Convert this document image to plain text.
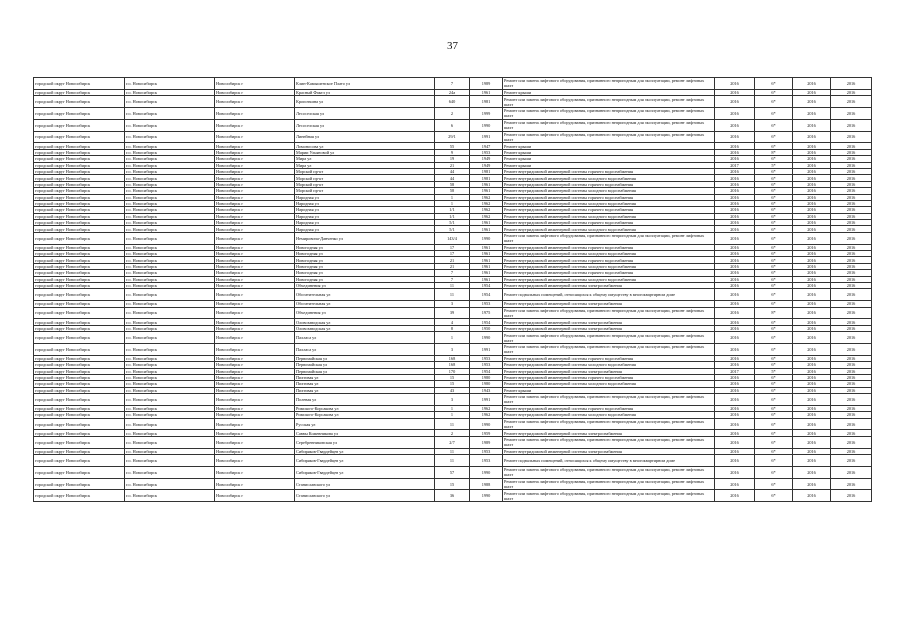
37
городской округ Новосибирск	г.о. Новосибирск	Новосибирск г	Клин-Камышенское Плато ул	7	1989	Ремонт или замена лифтового оборудования, признанного непригодным для эксплуатации, ремонт лифтовых шахт	2016	6*	2016	2016
городской округ Новосибирск	г.о. Новосибирск	Новосибирск г	Красный Факел ул	24а	1961	Ремонт крыши	2016	6*	2016	2016
городской округ Новосибирск	г.о. Новосибирск	Новосибирск г	Кропоткина ул	640	1981	Ремонт или замена лифтового оборудования, признанного непригодным для эксплуатации, ремонт лифтовых шахт	2016	6*	2016	2016
городской округ Новосибирск	г.о. Новосибирск	Новосибирск г	Лесоселская ул	2	1999	Ремонт или замена лифтового оборудования, признанного непригодным для эксплуатации, ремонт лифтовых шахт	2016	6*	2016	2016
городской округ Новосибирск	г.о. Новосибирск	Новосибирск г	Лесоселская ул	6	1990	Ремонт или замена лифтового оборудования, признанного непригодным для эксплуатации, ремонт лифтовых шахт	2016	6*	2016	2016
городской округ Новосибирск	г.о. Новосибирск	Новосибирск г	Линейная ул	29/1	1991	Ремонт или замена лифтового оборудования, признанного непригодным для эксплуатации, ремонт лифтовых шахт	2016	6*	2016	2016
городской округ Новосибирск	г.о. Новосибирск	Новосибирск г	Ломоносова ул	55	1947	Ремонт крыши	2016	6*	2016	2016
городской округ Новосибирск	г.о. Новосибирск	Новосибирск г	Марии Ульяновой ул	9	1953	Ремонт крыши	2016	8*	2016	2016
городской округ Новосибирск	г.о. Новосибирск	Новосибирск г	Мира ул	19	1949	Ремонт крыши	2016	6*	2016	2016
городской округ Новосибирск	г.о. Новосибирск	Новосибирск г	Мира ул	21	1949	Ремонт крыши	2017	5*	2016	2016
городской округ Новосибирск	г.о. Новосибирск	Новосибирск г	Морской пр-кт	44	1981	Ремонт внутридомовой инженерной системы горячего водоснабжения	2016	6*	2016	2016
городской округ Новосибирск	г.о. Новосибирск	Новосибирск г	Морской пр-кт	44	1981	Ремонт внутридомовой инженерной системы холодного водоснабжения	2016	6*	2016	2016
городской округ Новосибирск	г.о. Новосибирск	Новосибирск г	Морской пр-кт	58	1961	Ремонт внутридомовой инженерной системы горячего водоснабжения	2016	6*	2016	2016
городской округ Новосибирск	г.о. Новосибирск	Новосибирск г	Морской пр-кт	58	1961	Ремонт внутридомовой инженерной системы холодного водоснабжения	2016	6*	2016	2016
городской округ Новосибирск	г.о. Новосибирск	Новосибирск г	Народная ул	1	1962	Ремонт внутридомовой инженерной системы горячего водоснабжения	2016	6*	2016	2016
городской округ Новосибирск	г.о. Новосибирск	Новосибирск г	Народная ул	1	1962	Ремонт внутридомовой инженерной системы холодного водоснабжения	2016	6*	2016	2016
городской округ Новосибирск	г.о. Новосибирск	Новосибирск г	Народная ул	1/1	1962	Ремонт внутридомовой инженерной системы горячего водоснабжения	2016	6*	2016	2016
городской округ Новосибирск	г.о. Новосибирск	Новосибирск г	Народная ул	1/1	1962	Ремонт внутридомовой инженерной системы холодного водоснабжения	2016	6*	2016	2016
городской округ Новосибирск	г.о. Новосибирск	Новосибирск г	Народная ул	5/1	1961	Ремонт внутридомовой инженерной системы горячего водоснабжения	2016	6*	2016	2016
городской округ Новосибирск	г.о. Новосибирск	Новосибирск г	Народная ул	5/1	1961	Ремонт внутридомовой инженерной системы холодного водоснабжения	2016	6*	2016	2016
городской округ Новосибирск	г.о. Новосибирск	Новосибирск г	Немировича-Данченко ул	143/4	1990	Ремонт или замена лифтового оборудования, признанного непригодным для эксплуатации, ремонт лифтовых шахт	2016	6*	2016	2016
городской округ Новосибирск	г.о. Новосибирск	Новосибирск г	Новогодняя ул	17	1961	Ремонт внутридомовой инженерной системы горячего водоснабжения	2016	6*	2016	2016
городской округ Новосибирск	г.о. Новосибирск	Новосибирск г	Новогодняя ул	17	1961	Ремонт внутридомовой инженерной системы холодного водоснабжения	2016	6*	2016	2016
городской округ Новосибирск	г.о. Новосибирск	Новосибирск г	Новогодняя ул	21	1961	Ремонт внутридомовой инженерной системы горячего водоснабжения	2016	6*	2016	2016
городской округ Новосибирск	г.о. Новосибирск	Новосибирск г	Новогодняя ул	21	1961	Ремонт внутридомовой инженерной системы холодного водоснабжения	2016	6*	2016	2016
городской округ Новосибирск	г.о. Новосибирск	Новосибирск г	Новогодняя ул	7	1961	Ремонт внутридомовой инженерной системы горячего водоснабжения	2016	6*	2016	2016
городской округ Новосибирск	г.о. Новосибирск	Новосибирск г	Новогодняя ул	7	1961	Ремонт внутридомовой инженерной системы холодного водоснабжения	2016	6*	2016	2016
городской округ Новосибирск	г.о. Новосибирск	Новосибирск г	Объединения ул	11	1954	Ремонт внутридомовой инженерной системы электроснабжения	2016	6*	2016	2016
городской округ Новосибирск	г.о. Новосибирск	Новосибирск г	Обогатительная ул	11	1954	Ремонт подвальных помещений, относящихся к общему имуществу в многоквартирном доме	2016	6*	2016	2016
городской округ Новосибирск	г.о. Новосибирск	Новосибирск г	Обогатительная ул	3	1953	Ремонт внутридомовой инженерной системы электроснабжения	2016	6*	2016	2016
городской округ Новосибирск	г.о. Новосибирск	Новосибирск г	Объединения ул	39	1975	Ремонт или замена лифтового оборудования, признанного непригодным для эксплуатации, ремонт лифтовых шахт	2016	8*	2016	2016
городской округ Новосибирск	г.о. Новосибирск	Новосибирск г	Оловозаводская ул	4	1954	Ремонт внутридомовой инженерной системы электроснабжения	2016	6*	2016	2016
городской округ Новосибирск	г.о. Новосибирск	Новосибирск г	Оловозаводская ул	8	1950	Ремонт внутридомовой инженерной системы электроснабжения	2016	6*	2016	2016
городской округ Новосибирск	г.о. Новосибирск	Новосибирск г	Палласа ул	1	1990	Ремонт или замена лифтового оборудования, признанного непригодным для эксплуатации, ремонт лифтовых шахт	2016	6*	2016	2016
городской округ Новосибирск	г.о. Новосибирск	Новосибирск г	Палласа ул	3	1991	Ремонт или замена лифтового оборудования, признанного непригодным для эксплуатации, ремонт лифтовых шахт	2016	6*	2016	2016
городской округ Новосибирск	г.о. Новосибирск	Новосибирск г	Первомайская ул	168	1953	Ремонт внутридомовой инженерной системы горячего водоснабжения	2016	6*	2016	2016
городской округ Новосибирск	г.о. Новосибирск	Новосибирск г	Первомайская ул	168	1953	Ремонт внутридомовой инженерной системы холодного водоснабжения	2016	6*	2016	2016
городской округ Новосибирск	г.о. Новосибирск	Новосибирск г	Первомайская ул	170	1954	Ремонт внутридомовой инженерной системы электроснабжения	2017	5*	2016	2016
городской округ Новосибирск	г.о. Новосибирск	Новосибирск г	Пихтовая ул	15	1980	Ремонт внутридомовой инженерной системы горячего водоснабжения	2016	6*	2016	2016
городской округ Новосибирск	г.о. Новосибирск	Новосибирск г	Пихтовая ул	15	1980	Ремонт внутридомовой инженерной системы холодного водоснабжения	2016	6*	2016	2016
городской округ Новосибирск	г.о. Новосибирск	Новосибирск г	Пихтовая ул	43	1943	Ремонт крыши	2016	6*	2016	2016
городской округ Новосибирск	г.о. Новосибирск	Новосибирск г	Полевая ул	3	1991	Ремонт или замена лифтового оборудования, признанного непригодным для эксплуатации, ремонт лифтовых шахт	2016	6*	2016	2016
городской округ Новосибирск	г.о. Новосибирск	Новосибирск г	Римского-Корсакова ул	1	1962	Ремонт внутридомовой инженерной системы горячего водоснабжения	2016	6*	2016	2016
городской округ Новосибирск	г.о. Новосибирск	Новосибирск г	Римского-Корсакова ул	1	1962	Ремонт внутридомовой инженерной системы холодного водоснабжения	2016	6*	2016	2016
городской округ Новосибирск	г.о. Новосибирск	Новосибирск г	Русская ул	11	1990	Ремонт или замена лифтового оборудования, признанного непригодным для эксплуатации, ремонт лифтовых шахт	2016	6*	2016	2016
городской округ Новосибирск	г.о. Новосибирск	Новосибирск г	Саввы Кожевникова ул	2	1959	Ремонт внутридомовой инженерной системы электроснабжения	2016	6*	2016	2016
городской округ Новосибирск	г.о. Новосибирск	Новосибирск г	Серебренниковская ул	2/7	1989	Ремонт или замена лифтового оборудования, признанного непригодным для эксплуатации, ремонт лифтовых шахт	2016	6*	2016	2016
городской округ Новосибирск	г.о. Новосибирск	Новосибирск г	Сибиряков-Гвардейцев ул	11	1953	Ремонт внутридомовой инженерной системы электроснабжения	2016	6*	2016	2016
городской округ Новосибирск	г.о. Новосибирск	Новосибирск г	Сибиряков-Гвардейцев ул	11	1953	Ремонт подвальных помещений, относящихся к общему имуществу в многоквартирном доме	2016	6*	2016	2016
городской округ Новосибирск	г.о. Новосибирск	Новосибирск г	Сибиряков-Гвардейцев ул	57	1990	Ремонт или замена лифтового оборудования, признанного непригодным для эксплуатации, ремонт лифтовых шахт	2016	6*	2016	2016
городской округ Новосибирск	г.о. Новосибирск	Новосибирск г	Станиславского ул	15	1988	Ремонт или замена лифтового оборудования, признанного непригодным для эксплуатации, ремонт лифтовых шахт	2016	6*	2016	2016
городской округ Новосибирск	г.о. Новосибирск	Новосибирск г	Станиславского ул	36	1990	Ремонт или замена лифтового оборудования, признанного непригодным для эксплуатации, ремонт лифтовых шахт	2016	6*	2016	2016
